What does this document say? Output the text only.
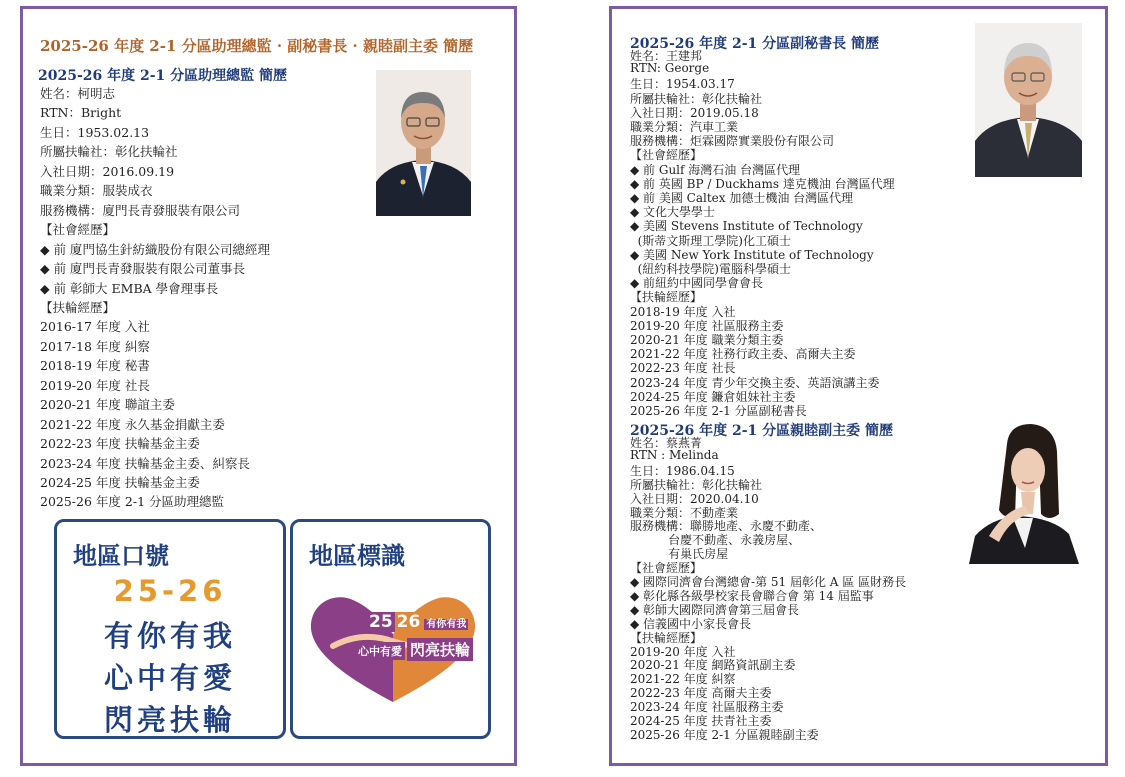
2025-26 年度 2-1 分區助理總監 · 副秘書長 · 親睦副主委 簡歷
2025-26 年度 2-1 分區助理總監 簡歷
姓名：柯明志
RTN：Bright
生日：1953.02.13
所屬扶輪社：彰化扶輪社
入社日期：2016.09.19
職業分類：服裝成衣
服務機構：廈門長青發服裝有限公司
【社會經歷】
◆ 前 廈門協生針紡織股份有限公司總經理
◆ 前 廈門長青發服裝有限公司董事長
◆ 前 彰師大 EMBA 學會理事長
【扶輪經歷】
2016-17 年度 入社
2017-18 年度 糾察
2018-19 年度 秘書
2019-20 年度 社長
2020-21 年度 聯誼主委
2021-22 年度 永久基金捐獻主委
2022-23 年度 扶輪基金主委
2023-24 年度 扶輪基金主委、糾察長
2024-25 年度 扶輪基金主委
2025-26 年度 2-1 分區助理總監
地區口號
25-26
有你有我
心中有愛
閃亮扶輪
地區標識
25 26 有你有我
心中有愛 閃亮扶輪
2025-26 年度 2-1 分區副秘書長 簡歷
姓名：王建邦
RTN: George
生日：1954.03.17
所屬扶輪社：彰化扶輪社
入社日期：2019.05.18
職業分類：汽車工業
服務機構：炬霖國際實業股份有限公司
【社會經歷】
◆ 前 Gulf 海灣石油 台灣區代理
◆ 前 英國 BP / Duckhams 達克機油 台灣區代理
◆ 前 美國 Caltex 加德士機油 台灣區代理
◆ 文化大學學士
◆ 美國 Stevens Institute of Technology
(斯蒂文斯理工學院)化工碩士
◆ 美國 New York Institute of Technology
(紐約科技學院)電腦科學碩士
◆ 前紐約中國同學會會長
【扶輪經歷】
2018-19 年度 入社
2019-20 年度 社區服務主委
2020-21 年度 職業分類主委
2021-22 年度 社務行政主委、高爾夫主委
2022-23 年度 社長
2023-24 年度 青少年交換主委、英語演講主委
2024-25 年度 鐮倉姐妹社主委
2025-26 年度 2-1 分區副秘書長
2025-26 年度 2-1 分區親睦副主委 簡歷
姓名：蔡燕菁
RTN : Melinda
生日：1986.04.15
所屬扶輪社：彰化扶輪社
入社日期：2020.04.10
職業分類：不動產業
服務機構：聯勝地產、永慶不動產、
台慶不動產、永義房屋、
有巢氏房屋
【社會經歷】
◆ 國際同濟會台灣總會-第 51 屆彰化 A 區 區財務長
◆ 彰化縣各級學校家長會聯合會 第 14 屆監事
◆ 彰師大國際同濟會第三屆會長
◆ 信義國中小家長會長
【扶輪經歷】
2019-20 年度 入社
2020-21 年度 網路資訊副主委
2021-22 年度 糾察
2022-23 年度 高爾夫主委
2023-24 年度 社區服務主委
2024-25 年度 扶青社主委
2025-26 年度 2-1 分區親睦副主委
